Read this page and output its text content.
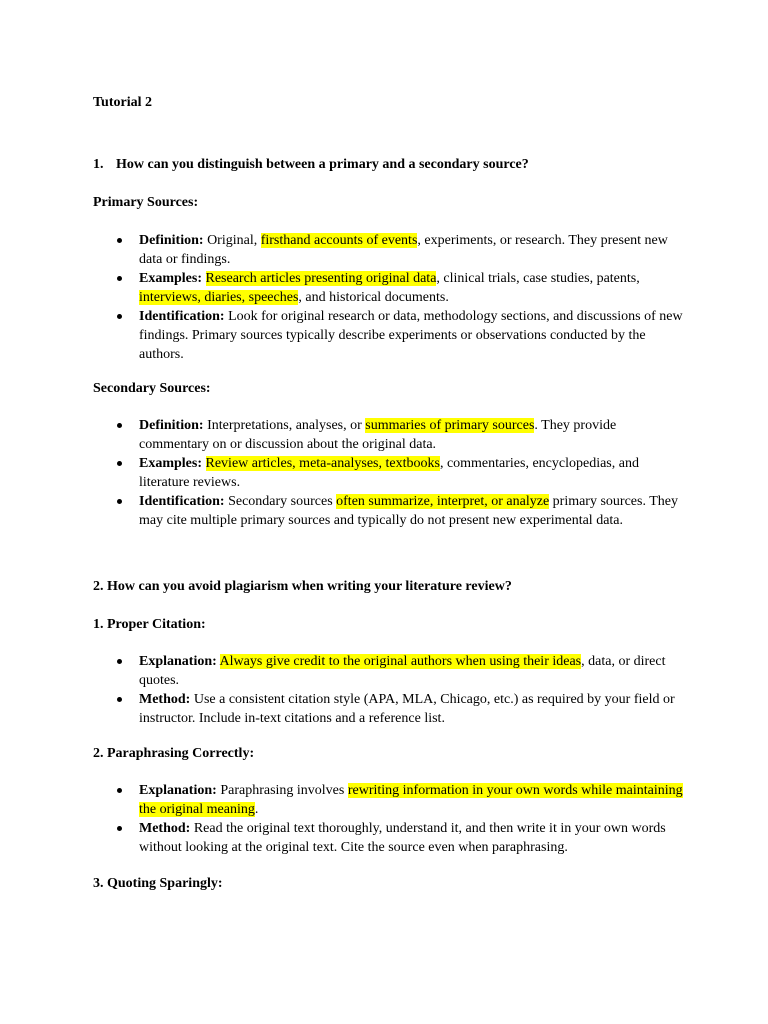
Tutorial 2

1. How can you distinguish between a primary and a secondary source?

Primary Sources:

Definition: Original, firsthand accounts of events, experiments, or research. They present new data or findings.
Examples: Research articles presenting original data, clinical trials, case studies, patents, interviews, diaries, speeches, and historical documents.
Identification: Look for original research or data, methodology sections, and discussions of new findings. Primary sources typically describe experiments or observations conducted by the authors.

Secondary Sources:

Definition: Interpretations, analyses, or summaries of primary sources. They provide commentary on or discussion about the original data.
Examples: Review articles, meta-analyses, textbooks, commentaries, encyclopedias, and literature reviews.
Identification: Secondary sources often summarize, interpret, or analyze primary sources. They may cite multiple primary sources and typically do not present new experimental data.

2. How can you avoid plagiarism when writing your literature review?

1. Proper Citation:

Explanation: Always give credit to the original authors when using their ideas, data, or direct quotes.
Method: Use a consistent citation style (APA, MLA, Chicago, etc.) as required by your field or instructor. Include in-text citations and a reference list.

2. Paraphrasing Correctly:

Explanation: Paraphrasing involves rewriting information in your own words while maintaining the original meaning.
Method: Read the original text thoroughly, understand it, and then write it in your own words without looking at the original text. Cite the source even when paraphrasing.

3. Quoting Sparingly:
